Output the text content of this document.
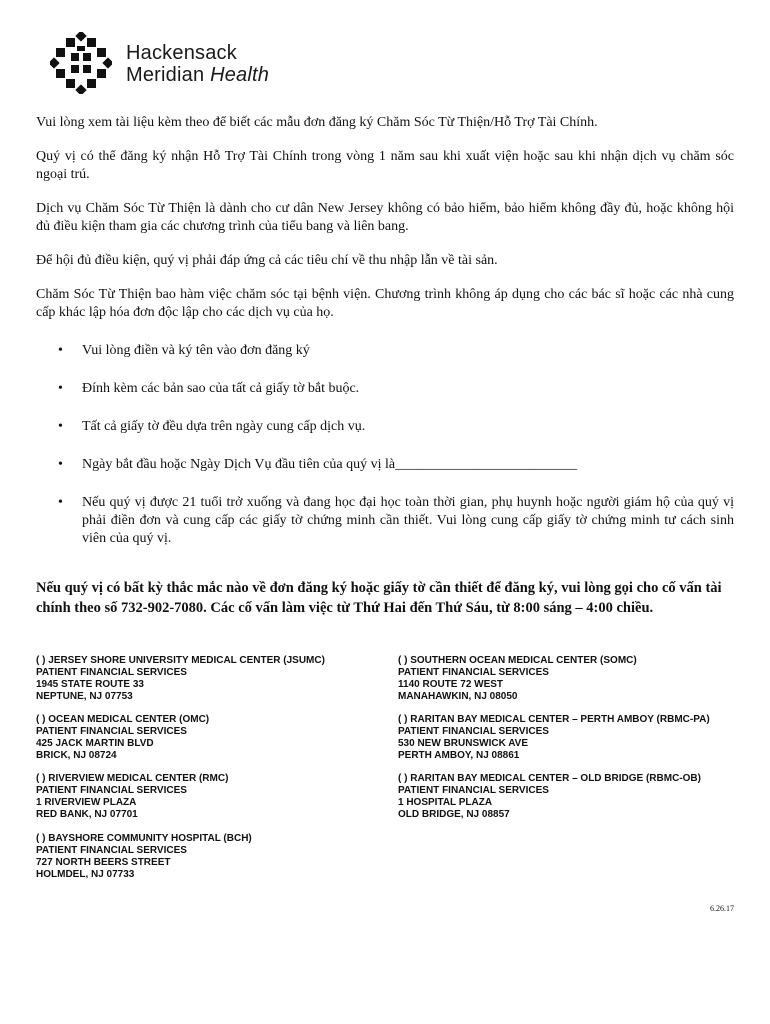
Hackensack
Meridian Health

Vui lòng xem tài liệu kèm theo để biết các mẫu đơn đăng ký Chăm Sóc Từ Thiện/Hỗ Trợ Tài Chính.

Quý vị có thể đăng ký nhận Hỗ Trợ Tài Chính trong vòng 1 năm sau khi xuất viện hoặc sau khi nhận dịch vụ chăm sóc ngoại trú.

Dịch vụ Chăm Sóc Từ Thiện là dành cho cư dân New Jersey không có bảo hiểm, bảo hiểm không đầy đủ, hoặc không hội đủ điều kiện tham gia các chương trình của tiểu bang và liên bang.

Để hội đủ điều kiện, quý vị phải đáp ứng cả các tiêu chí về thu nhập lẫn về tài sản.

Chăm Sóc Từ Thiện bao hàm việc chăm sóc tại bệnh viện. Chương trình không áp dụng cho các bác sĩ hoặc các nhà cung cấp khác lập hóa đơn độc lập cho các dịch vụ của họ.

• Vui lòng điền và ký tên vào đơn đăng ký
• Đính kèm các bản sao của tất cả giấy tờ bắt buộc.
• Tất cả giấy tờ đều dựa trên ngày cung cấp dịch vụ.
• Ngày bắt đầu hoặc Ngày Dịch Vụ đầu tiên của quý vị là__________________________
• Nếu quý vị được 21 tuổi trở xuống và đang học đại học toàn thời gian, phụ huynh hoặc người giám hộ của quý vị phải điền đơn và cung cấp các giấy tờ chứng minh cần thiết. Vui lòng cung cấp giấy tờ chứng minh tư cách sinh viên của quý vị.
Nếu quý vị có bất kỳ thắc mắc nào về đơn đăng ký hoặc giấy tờ cần thiết để đăng ký, vui lòng gọi cho cố vấn tài chính theo số 732-902-7080. Các cố vấn làm việc từ Thứ Hai đến Thứ Sáu, từ 8:00 sáng – 4:00 chiều.
( ) JERSEY SHORE UNIVERSITY MEDICAL CENTER (JSUMC)
PATIENT FINANCIAL SERVICES
1945 STATE ROUTE 33
NEPTUNE, NJ 07753
( ) SOUTHERN OCEAN MEDICAL CENTER (SOMC)
PATIENT FINANCIAL SERVICES
1140 ROUTE 72 WEST
MANAHAWKIN, NJ 08050
( ) OCEAN MEDICAL CENTER (OMC)
PATIENT FINANCIAL SERVICES
425 JACK MARTIN BLVD
BRICK, NJ 08724
( ) RARITAN BAY MEDICAL CENTER – PERTH AMBOY (RBMC-PA)
PATIENT FINANCIAL SERVICES
530 NEW BRUNSWICK AVE
PERTH AMBOY, NJ 08861
( ) RIVERVIEW MEDICAL CENTER (RMC)
PATIENT FINANCIAL SERVICES
1 RIVERVIEW PLAZA
RED BANK, NJ 07701
( ) RARITAN BAY MEDICAL CENTER – OLD BRIDGE (RBMC-OB)
PATIENT FINANCIAL SERVICES
1 HOSPITAL PLAZA
OLD BRIDGE, NJ 08857
( ) BAYSHORE COMMUNITY HOSPITAL (BCH)
PATIENT FINANCIAL SERVICES
727 NORTH BEERS STREET
HOLMDEL, NJ 07733
6.26.17
